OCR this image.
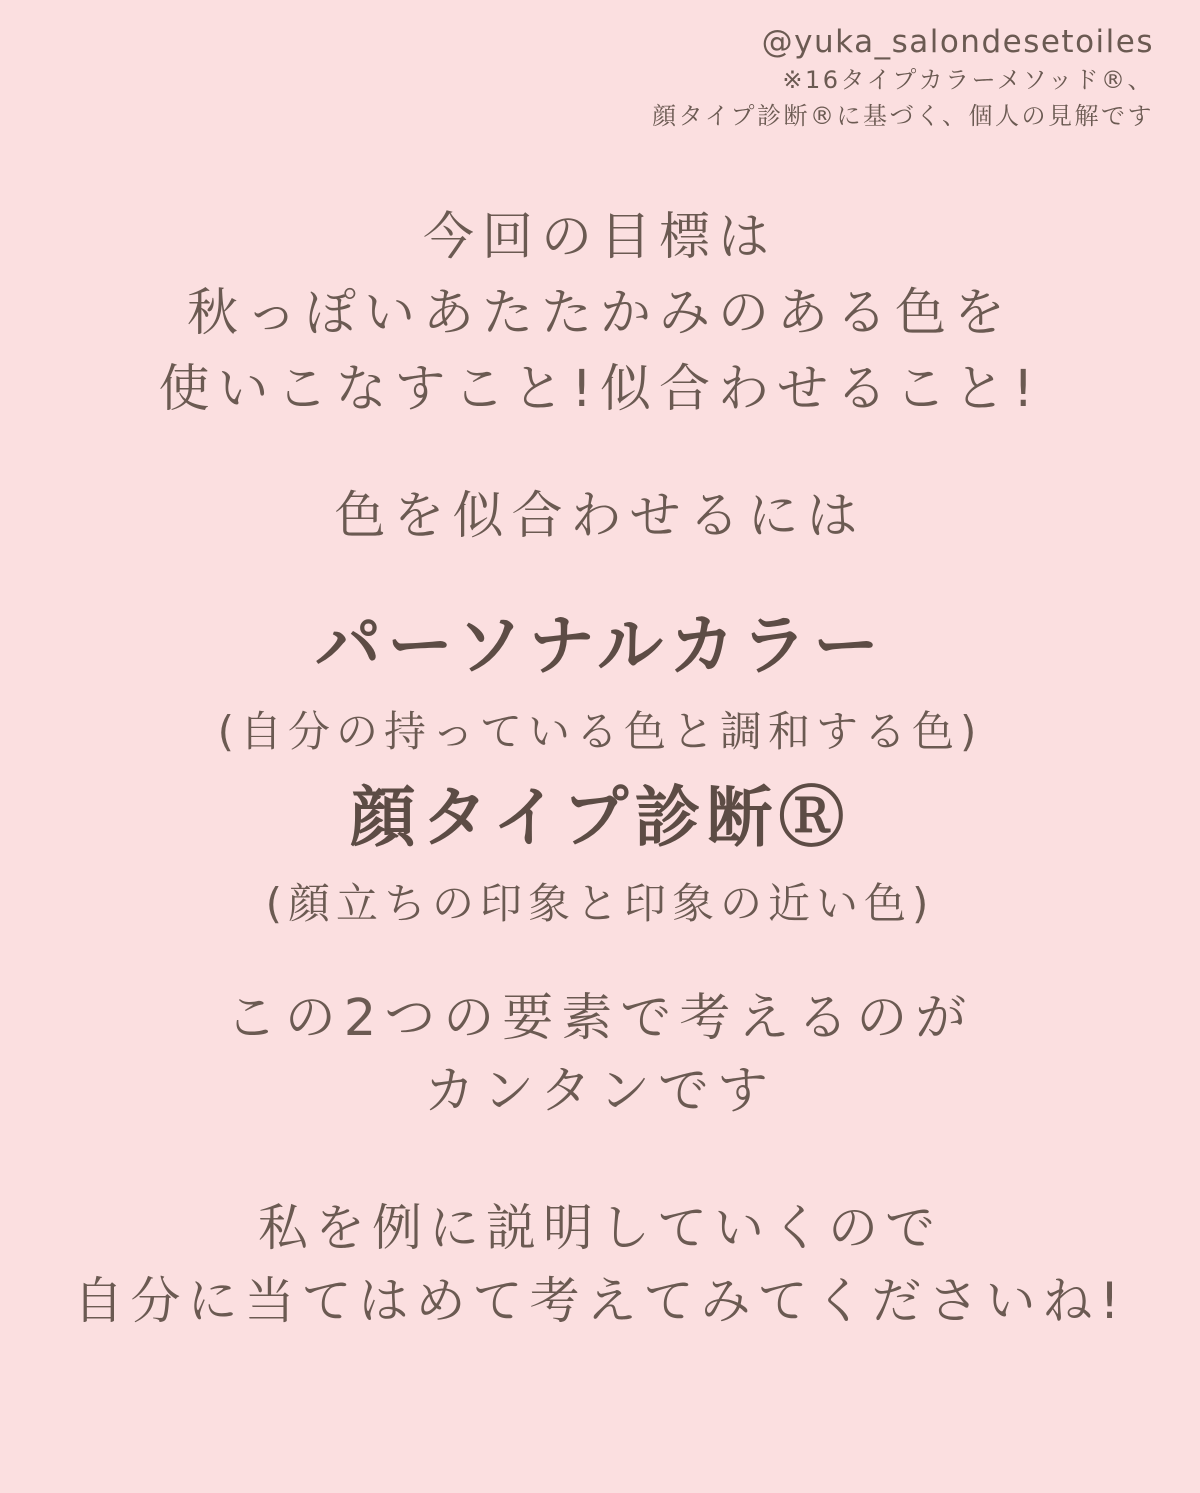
@yuka_salondesetoiles
※16タイプカラーメソッド®、
顔タイプ診断®に基づく、個人の見解です
今回の目標は
秋っぽいあたたかみのある色を
使いこなすこと!似合わせること!
色を似合わせるには
パーソナルカラー
(自分の持っている色と調和する色)
顔タイプ診断Ⓡ
(顔立ちの印象と印象の近い色)
この2つの要素で考えるのが
カンタンです
私を例に説明していくので
自分に当てはめて考えてみてくださいね!
